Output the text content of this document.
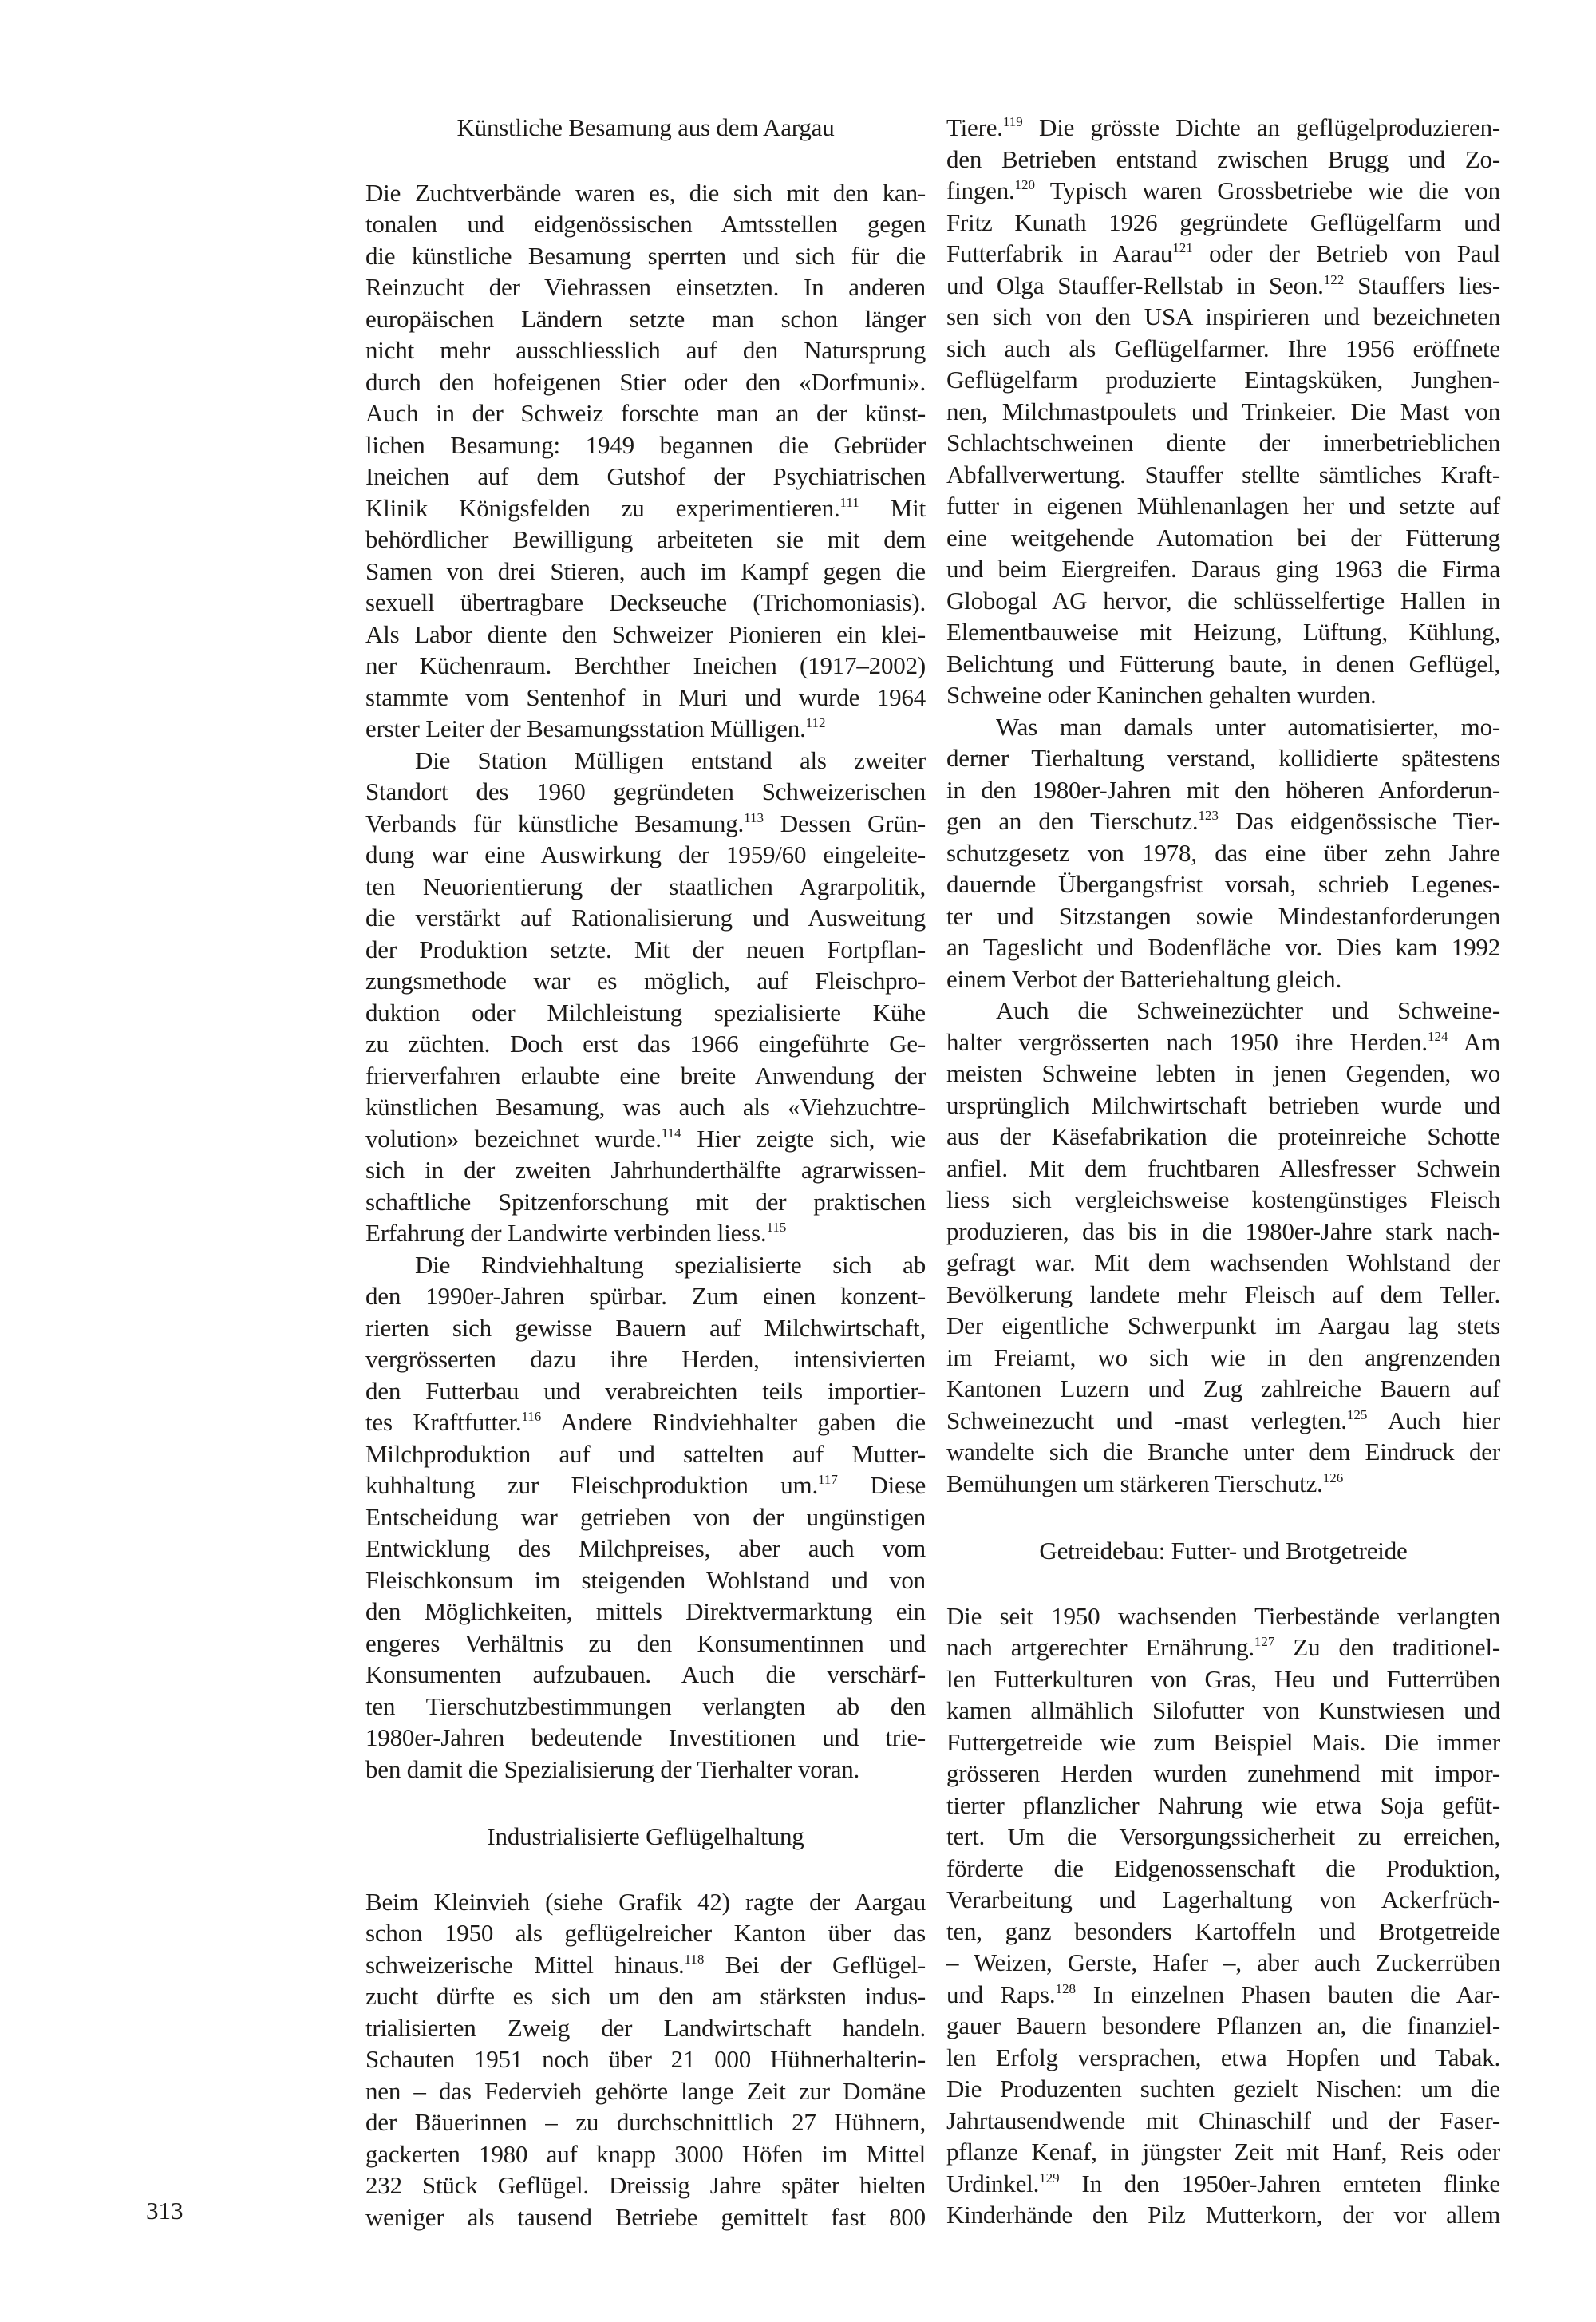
Künstliche Besamung aus dem Aargau
Die Zuchtverbände waren es, die sich mit den kan-
tonalen und eidgenössischen Amtsstellen gegen
die künstliche Besamung sperrten und sich für die
Reinzucht der Viehrassen einsetzten. In anderen
europäischen Ländern setzte man schon länger
nicht mehr ausschliesslich auf den Natursprung
durch den hofeigenen Stier oder den «Dorfmuni».
Auch in der Schweiz forschte man an der künst-
lichen Besamung: 1949 begannen die Gebrüder
Ineichen auf dem Gutshof der Psychiatrischen
Klinik Königsfelden zu experimentieren.$^{111}$ Mit
behördlicher Bewilligung arbeiteten sie mit dem
Samen von drei Stieren, auch im Kampf gegen die
sexuell übertragbare Deckseuche (Trichomoniasis).
Als Labor diente den Schweizer Pionieren ein klei-
ner Küchenraum. Berchther Ineichen (1917–2002)
stammte vom Sentenhof in Muri und wurde 1964
erster Leiter der Besamungsstation Mülligen.$^{112}$
Die Station Mülligen entstand als zweiter
Standort des 1960 gegründeten Schweizerischen
Verbands für künstliche Besamung.$^{113}$ Dessen Grün-
dung war eine Auswirkung der 1959/60 eingeleite-
ten Neuorientierung der staatlichen Agrarpolitik,
die verstärkt auf Rationalisierung und Ausweitung
der Produktion setzte. Mit der neuen Fortpflan-
zungsmethode war es möglich, auf Fleischpro-
duktion oder Milchleistung spezialisierte Kühe
zu züchten. Doch erst das 1966 eingeführte Ge-
frierverfahren erlaubte eine breite Anwendung der
künstlichen Besamung, was auch als «Viehzuchtre-
volution» bezeichnet wurde.$^{114}$ Hier zeigte sich, wie
sich in der zweiten Jahrhunderthälfte agrarwissen-
schaftliche Spitzenforschung mit der praktischen
Erfahrung der Landwirte verbinden liess.$^{115}$
Die Rindviehhaltung spezialisierte sich ab
den 1990er-Jahren spürbar. Zum einen konzent-
rierten sich gewisse Bauern auf Milchwirtschaft,
vergrösserten dazu ihre Herden, intensivierten
den Futterbau und verabreichten teils importier-
tes Kraftfutter.$^{116}$ Andere Rindviehhalter gaben die
Milchproduktion auf und sattelten auf Mutter-
kuhhaltung zur Fleischproduktion um.$^{117}$ Diese
Entscheidung war getrieben von der ungünstigen
Entwicklung des Milchpreises, aber auch vom
Fleischkonsum im steigenden Wohlstand und von
den Möglichkeiten, mittels Direktvermarktung ein
engeres Verhältnis zu den Konsumentinnen und
Konsumenten aufzubauen. Auch die verschärf-
ten Tierschutzbestimmungen verlangten ab den
1980er-Jahren bedeutende Investitionen und trie-
ben damit die Spezialisierung der Tierhalter voran.
Industrialisierte Geflügelhaltung
Beim Kleinvieh (siehe Grafik 42) ragte der Aargau
schon 1950 als geflügelreicher Kanton über das
schweizerische Mittel hinaus.$^{118}$ Bei der Geflügel-
zucht dürfte es sich um den am stärksten indus-
trialisierten Zweig der Landwirtschaft handeln.
Schauten 1951 noch über 21 000 Hühnerhalterin-
nen – das Federvieh gehörte lange Zeit zur Domäne
der Bäuerinnen – zu durchschnittlich 27 Hühnern,
gackerten 1980 auf knapp 3000 Höfen im Mittel
232 Stück Geflügel. Dreissig Jahre später hielten
weniger als tausend Betriebe gemittelt fast 800
Tiere.$^{119}$ Die grösste Dichte an geflügelproduzieren-
den Betrieben entstand zwischen Brugg und Zo-
fingen.$^{120}$ Typisch waren Grossbetriebe wie die von
Fritz Kunath 1926 gegründete Geflügelfarm und
Futterfabrik in Aarau$^{121}$ oder der Betrieb von Paul
und Olga Stauffer-Rellstab in Seon.$^{122}$ Stauffers lies-
sen sich von den USA inspirieren und bezeichneten
sich auch als Geflügelfarmer. Ihre 1956 eröffnete
Geflügelfarm produzierte Eintagsküken, Junghen-
nen, Milchmastpoulets und Trinkeier. Die Mast von
Schlachtschweinen diente der innerbetrieblichen
Abfallverwertung. Stauffer stellte sämtliches Kraft-
futter in eigenen Mühlenanlagen her und setzte auf
eine weitgehende Automation bei der Fütterung
und beim Eiergreifen. Daraus ging 1963 die Firma
Globogal AG hervor, die schlüsselfertige Hallen in
Elementbauweise mit Heizung, Lüftung, Kühlung,
Belichtung und Fütterung baute, in denen Geflügel,
Schweine oder Kaninchen gehalten wurden.
Was man damals unter automatisierter, mo-
derner Tierhaltung verstand, kollidierte spätestens
in den 1980er-Jahren mit den höheren Anforderun-
gen an den Tierschutz.$^{123}$ Das eidgenössische Tier-
schutzgesetz von 1978, das eine über zehn Jahre
dauernde Übergangsfrist vorsah, schrieb Legenes-
ter und Sitzstangen sowie Mindestanforderungen
an Tageslicht und Bodenfläche vor. Dies kam 1992
einem Verbot der Batteriehaltung gleich.
Auch die Schweinezüchter und Schweine-
halter vergrösserten nach 1950 ihre Herden.$^{124}$ Am
meisten Schweine lebten in jenen Gegenden, wo
ursprünglich Milchwirtschaft betrieben wurde und
aus der Käsefabrikation die proteinreiche Schotte
anfiel. Mit dem fruchtbaren Allesfresser Schwein
liess sich vergleichsweise kostengünstiges Fleisch
produzieren, das bis in die 1980er-Jahre stark nach-
gefragt war. Mit dem wachsenden Wohlstand der
Bevölkerung landete mehr Fleisch auf dem Teller.
Der eigentliche Schwerpunkt im Aargau lag stets
im Freiamt, wo sich wie in den angrenzenden
Kantonen Luzern und Zug zahlreiche Bauern auf
Schweinezucht und -mast verlegten.$^{125}$ Auch hier
wandelte sich die Branche unter dem Eindruck der
Bemühungen um stärkeren Tierschutz.$^{126}$
Getreidebau: Futter- und Brotgetreide
Die seit 1950 wachsenden Tierbestände verlangten
nach artgerechter Ernährung.$^{127}$ Zu den traditionel-
len Futterkulturen von Gras, Heu und Futterrüben
kamen allmählich Silofutter von Kunstwiesen und
Futtergetreide wie zum Beispiel Mais. Die immer
grösseren Herden wurden zunehmend mit impor-
tierter pflanzlicher Nahrung wie etwa Soja gefüt-
tert. Um die Versorgungssicherheit zu erreichen,
förderte die Eidgenossenschaft die Produktion,
Verarbeitung und Lagerhaltung von Ackerfrüch-
ten, ganz besonders Kartoffeln und Brotgetreide
– Weizen, Gerste, Hafer –, aber auch Zuckerrüben
und Raps.$^{128}$ In einzelnen Phasen bauten die Aar-
gauer Bauern besondere Pflanzen an, die finanziel-
len Erfolg versprachen, etwa Hopfen und Tabak.
Die Produzenten suchten gezielt Nischen: um die
Jahrtausendwende mit Chinaschilf und der Faser-
pflanze Kenaf, in jüngster Zeit mit Hanf, Reis oder
Urdinkel.$^{129}$ In den 1950er-Jahren ernteten flinke
Kinderhände den Pilz Mutterkorn, der vor allem
313
